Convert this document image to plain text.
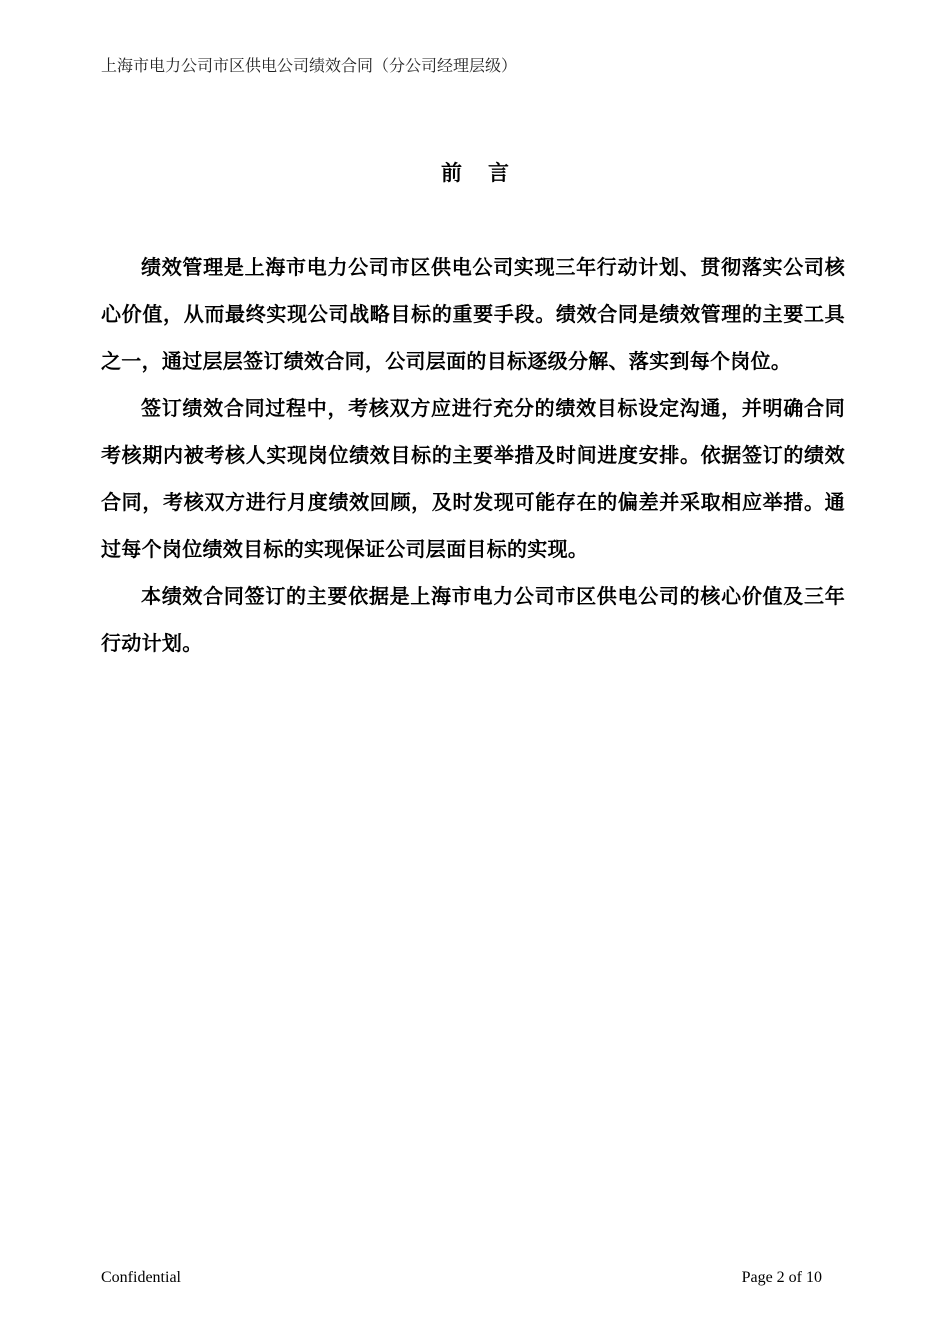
上海市电力公司市区供电公司绩效合同（分公司经理层级）
前言

绩效管理是上海市电力公司市区供电公司实现三年行动计划、贯彻落实公司核心价值，从而最终实现公司战略目标的重要手段。绩效合同是绩效管理的主要工具之一，通过层层签订绩效合同，公司层面的目标逐级分解、落实到每个岗位。

签订绩效合同过程中，考核双方应进行充分的绩效目标设定沟通，并明确合同考核期内被考核人实现岗位绩效目标的主要举措及时间进度安排。依据签订的绩效合同，考核双方进行月度绩效回顾，及时发现可能存在的偏差并采取相应举措。通过每个岗位绩效目标的实现保证公司层面目标的实现。

本绩效合同签订的主要依据是上海市电力公司市区供电公司的核心价值及三年行动计划。

Confidential	Page 2 of 10
